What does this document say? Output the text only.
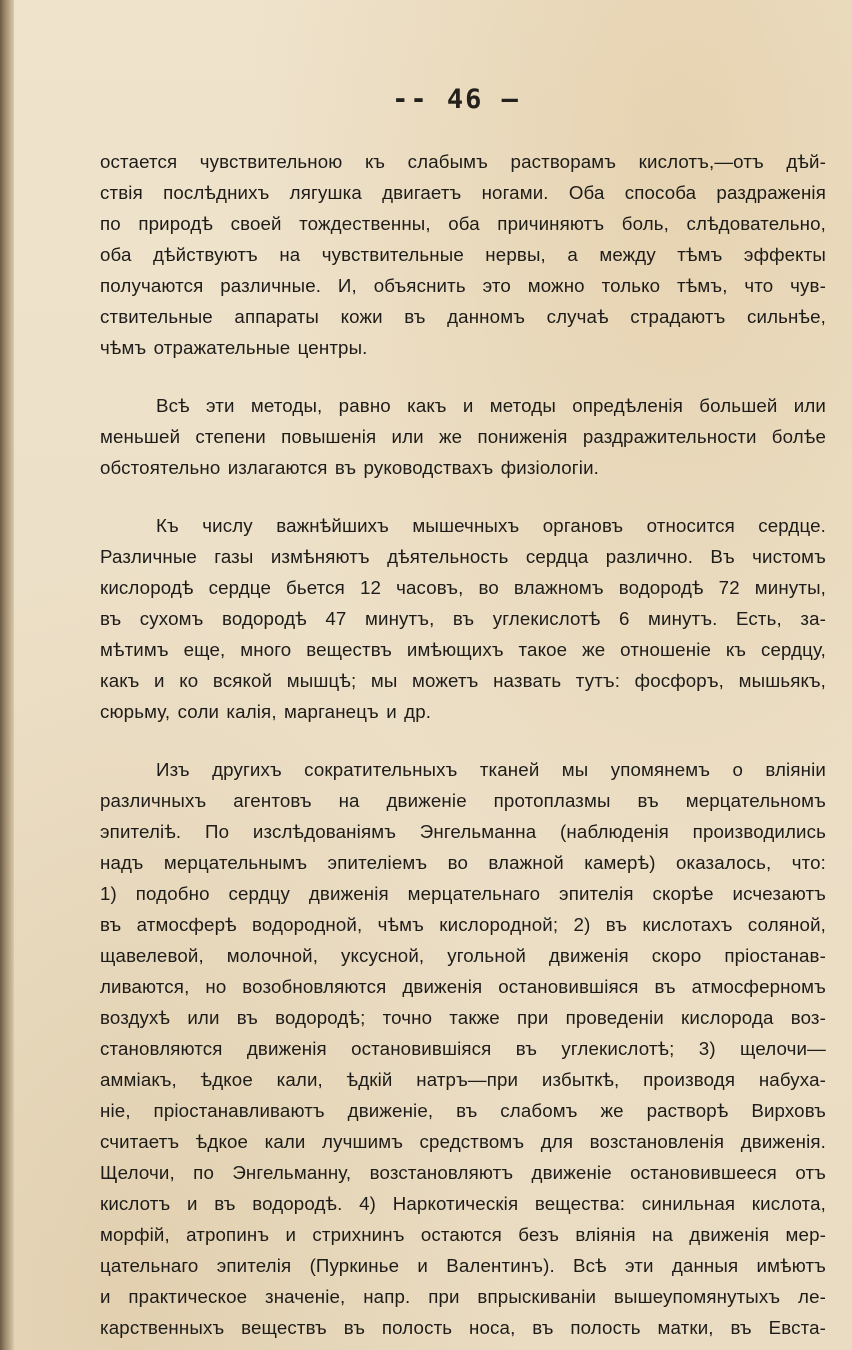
-- 46 —
остается чувствительною къ слабымъ растворамъ кислотъ,—отъ дѣй-
ствія послѣднихъ лягушка двигаетъ ногами. Оба способа раздраженія
по природѣ своей тождественны, оба причиняютъ боль, слѣдовательно,
оба дѣйствуютъ на чувствительные нервы, а между тѣмъ эффекты
получаются различные. И, объяснить это можно только тѣмъ, что чув-
ствительные аппараты кожи въ данномъ случаѣ страдаютъ сильнѣе,
чѣмъ отражательные центры.
Всѣ эти методы, равно какъ и методы опредѣленія большей или
меньшей степени повышенія или же пониженія раздражительности болѣе
обстоятельно излагаются въ руководствахъ физіологіи.
Къ числу важнѣйшихъ мышечныхъ органовъ относится сердце.
Различные газы измѣняютъ дѣятельность сердца различно. Въ чистомъ
кислородѣ сердце бьется 12 часовъ, во влажномъ водородѣ 72 минуты,
въ сухомъ водородѣ 47 минутъ, въ углекислотѣ 6 минутъ. Есть, за-
мѣтимъ еще, много веществъ имѣющихъ такое же отношеніе къ сердцу,
какъ и ко всякой мышцѣ; мы можетъ назвать тутъ: фосфоръ, мышьякъ,
сюрьму, соли калія, марганецъ и др.
Изъ другихъ сократительныхъ тканей мы упомянемъ о вліяніи
различныхъ агентовъ на движеніе протоплазмы въ мерцательномъ
эпителіѣ. По изслѣдованіямъ Энгельманна (наблюденія производились
надъ мерцательнымъ эпителіемъ во влажной камерѣ) оказалось, что:
1) подобно сердцу движенія мерцательнаго эпителія скорѣе исчезаютъ
въ атмосферѣ водородной, чѣмъ кислородной; 2) въ кислотахъ соляной,
щавелевой, молочной, уксусной, угольной движенія скоро пріостанав-
ливаются, но возобновляются движенія остановившіяся въ атмосферномъ
воздухѣ или въ водородѣ; точно также при проведеніи кислорода воз-
становляются движенія остановившіяся въ углекислотѣ; 3) щелочи—
амміакъ, ѣдкое кали, ѣдкій натръ—при избыткѣ, производя набуха-
ніе, пріостанавливаютъ движеніе, въ слабомъ же растворѣ Вирховъ
считаетъ ѣдкое кали лучшимъ средствомъ для возстановленія движенія.
Щелочи, по Энгельманну, возстановляютъ движеніе остановившееся отъ
кислотъ и въ водородѣ. 4) Наркотическія вещества: синильная кислота,
морфій, атропинъ и стрихнинъ остаются безъ вліянія на движенія мер-
цательнаго эпителія (Пуркинье и Валентинъ). Всѣ эти данныя имѣютъ
и практическое значеніе, напр. при впрыскиваніи вышеупомянутыхъ ле-
карственныхъ веществъ въ полость носа, въ полость матки, въ Евста-
